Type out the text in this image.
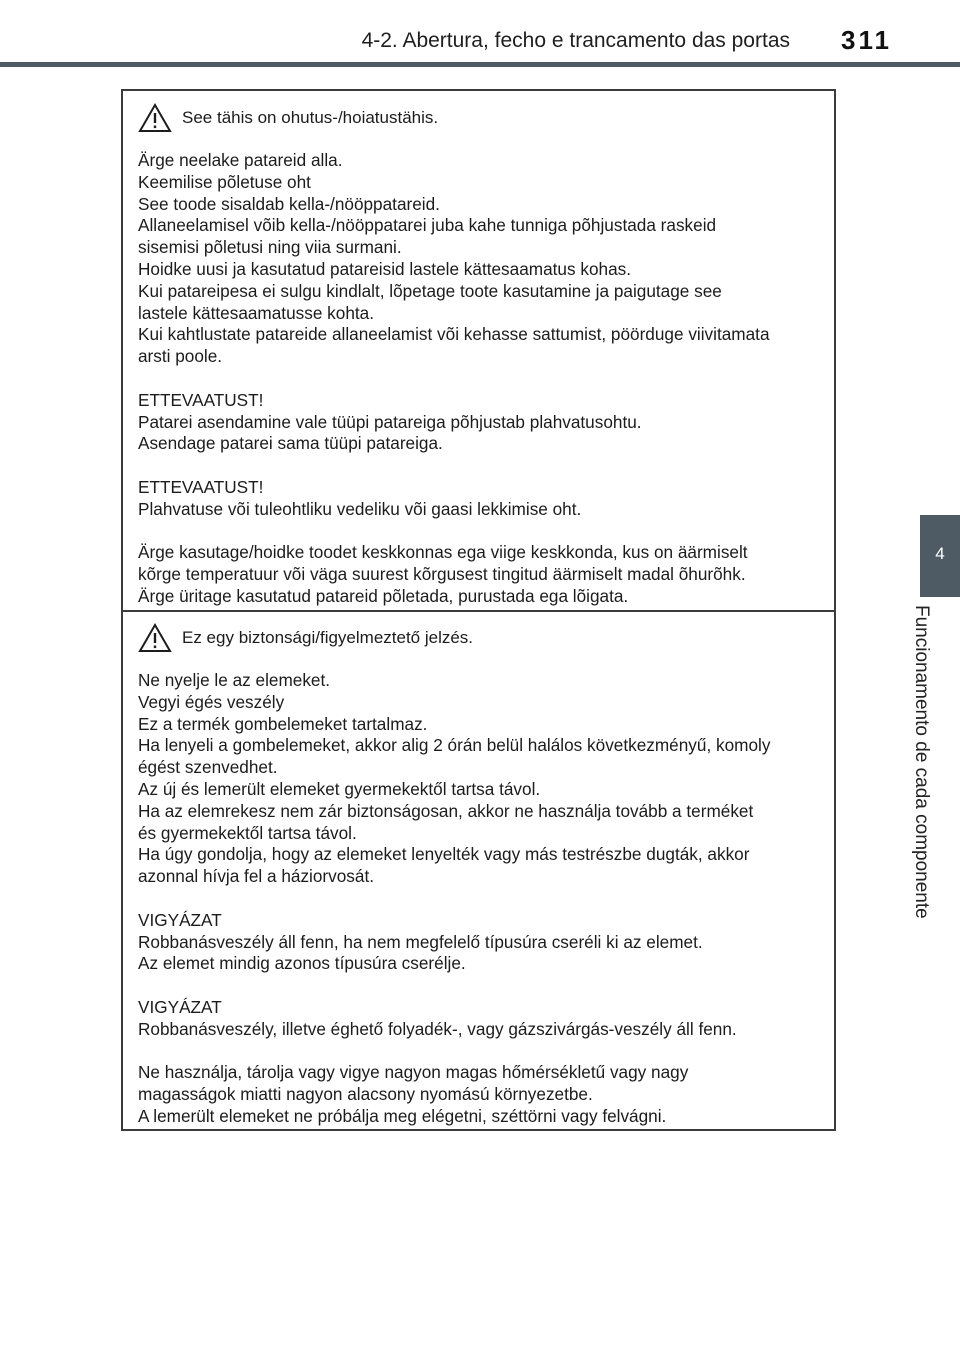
4-2. Abertura, fecho e trancamento das portas 311
4
Funcionamento de cada componente
See tähis on ohutus-/hoiatustähis.
Ärge neelake patareid alla.
Keemilise põletuse oht
See toode sisaldab kella-/nööppatareid.
Allaneelamisel võib kella-/nööppatarei juba kahe tunniga põhjustada raskeid
sisemisi põletusi ning viia surmani.
Hoidke uusi ja kasutatud patareisid lastele kättesaamatus kohas.
Kui patareipesa ei sulgu kindlalt, lõpetage toote kasutamine ja paigutage see
lastele kättesaamatusse kohta.
Kui kahtlustate patareide allaneelamist või kehasse sattumist, pöörduge viivitamata
arsti poole.
ETTEVAATUST!
Patarei asendamine vale tüüpi patareiga põhjustab plahvatusohtu.
Asendage patarei sama tüüpi patareiga.
ETTEVAATUST!
Plahvatuse või tuleohtliku vedeliku või gaasi lekkimise oht.
Ärge kasutage/hoidke toodet keskkonnas ega viige keskkonda, kus on äärmiselt
kõrge temperatuur või väga suurest kõrgusest tingitud äärmiselt madal õhurõhk.
Ärge üritage kasutatud patareid põletada, purustada ega lõigata.
Ez egy biztonsági/figyelmeztető jelzés.
Ne nyelje le az elemeket.
Vegyi égés veszély
Ez a termék gombelemeket tartalmaz.
Ha lenyeli a gombelemeket, akkor alig 2 órán belül halálos következményű, komoly
égést szenvedhet.
Az új és lemerült elemeket gyermekektől tartsa távol.
Ha az elemrekesz nem zár biztonságosan, akkor ne használja tovább a terméket
és gyermekektől tartsa távol.
Ha úgy gondolja, hogy az elemeket lenyelték vagy más testrészbe dugták, akkor
azonnal hívja fel a háziorvosát.
VIGYÁZAT
Robbanásveszély áll fenn, ha nem megfelelő típusúra cseréli ki az elemet.
Az elemet mindig azonos típusúra cserélje.
VIGYÁZAT
Robbanásveszély, illetve éghető folyadék-, vagy gázszivárgás-veszély áll fenn.
Ne használja, tárolja vagy vigye nagyon magas hőmérsékletű vagy nagy
magasságok miatti nagyon alacsony nyomású környezetbe.
A lemerült elemeket ne próbálja meg elégetni, széttörni vagy felvágni.
